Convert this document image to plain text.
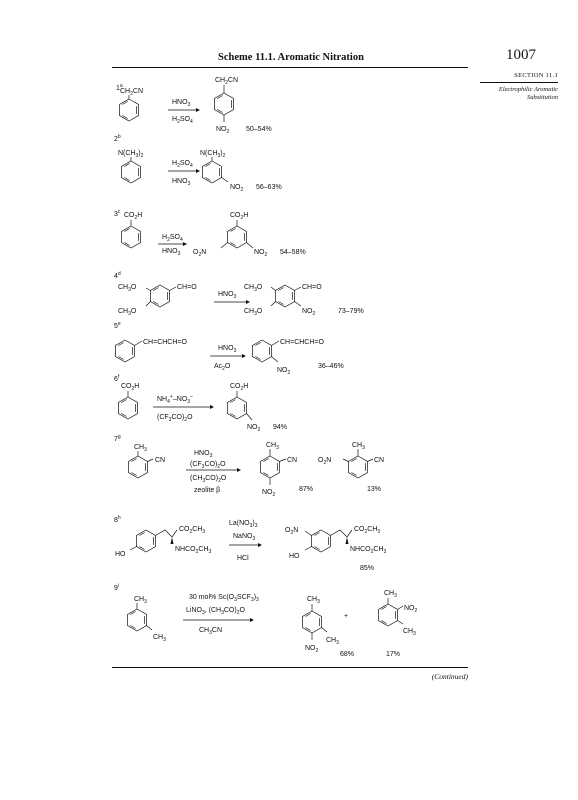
Scheme 11.1. Aromatic Nitration	1007
SECTION 11.1
Electrophilic Aromatic
Substitution
1$^a$
$CH_2CN$
$HNO_3$
$H_2SO_4$
$CH_2CN$
$NO_2$ 50–54%
2$^b$
$N(CH_3)_2$
$H_2SO_4$
$HNO_3$
$N(CH_3)_2$
$NO_2$ 56–63%
3$^c$ $CO_2H$
$H_2SO_4$
$HNO_3$
$CO_2H$
$O_2N$	$NO_2$ 54–58%
4$^d$
$CH_3O$
$CH_3O$
CH=O
$HNO_3$
$CH_3O$
$CH_3O$
CH=O
$NO_2$	73–79%
5e
CH=CHCH=O
$HNO_3$
$Ac_2O$
CH=CHCH=O
$NO_2$
36–46%
6$^f$
$CO_2H$
$NH_4^+-NO_3^-$
$(CF_3CO)_2O$
$CO_2H$
$NO_2$ 94%
7$^g$
$CH_3$
CN
$HNO_3$
$(CF_3CO)_2O$
$(CH_3CO)_2O$
zeolite β
$CH_3$
CN
$NO_2$
87%
$CH_3$
$O_2N$	CN
13%
8$^h$
HO
$CO_2CH_3$
$NHCO_2CH_3$
$La(NO_3)_3$
NaNO$_3$
HCl
$O_2N$
HO
$CO_2CH_3$
$NHCO_2CH_3$
85%
9$^i$
$CH_3$
$CH_3$
30 mol% $Sc(O_3SCF_3)_3$
LiNO$_3$, $(CH_3CO)_2O$
$CH_3CN$
$CH_3$
$CH_3$
$NO_2$	68%
+
$CH_3$
$NO_2$
$CH_3$
17%
(Continued)
